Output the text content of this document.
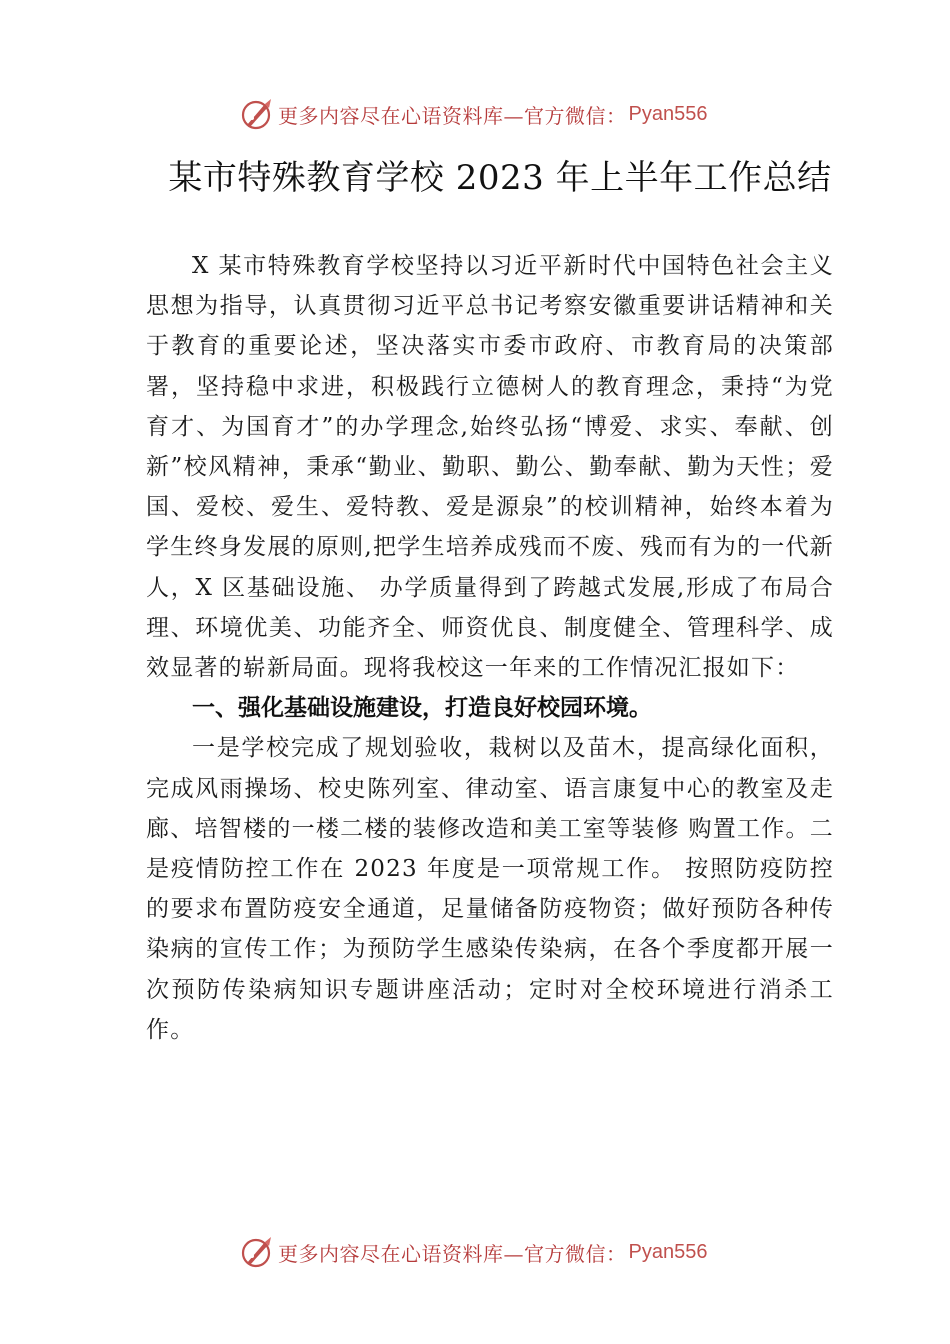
更多内容尽在心语资料库—官方微信： Pyan556
某市特殊教育学校 2023 年上半年工作总结

X 某市特殊教育学校坚持以习近平新时代中国特色社会主义思想为指导，认真贯彻习近平总书记考察安徽重要讲话精神和关于教育的重要论述，坚决落实市委市政府、市教育局的决策部署，坚持稳中求进，积极践行立德树人的教育理念，秉持“为党育才、为国育才”的办学理念,始终弘扬“博爱、求实、奉献、创新”校风精神，秉承“勤业、勤职、勤公、勤奉献、勤为天性；爱国、爱校、爱生、爱特教、爱是源泉”的校训精神，始终本着为学生终身发展的原则,把学生培养成残而不废、残而有为的一代新人，X 区基础设施、 办学质量得到了跨越式发展,形成了布局合理、环境优美、功能齐全、师资优良、制度健全、管理科学、成效显著的崭新局面。现将我校这一年来的工作情况汇报如下：

一、强化基础设施建设，打造良好校园环境。

一是学校完成了规划验收，栽树以及苗木，提高绿化面积，完成风雨操场、校史陈列室、律动室、语言康复中心的教室及走廊、培智楼的一楼二楼的装修改造和美工室等装修 购置工作。二是疫情防控工作在 2023 年度是一项常规工作。 按照防疫防控的要求布置防疫安全通道，足量储备防疫物资；做好预防各种传染病的宣传工作；为预防学生感染传染病，在各个季度都开展一次预防传染病知识专题讲座活动；定时对全校环境进行消杀工作。

更多内容尽在心语资料库—官方微信： Pyan556
